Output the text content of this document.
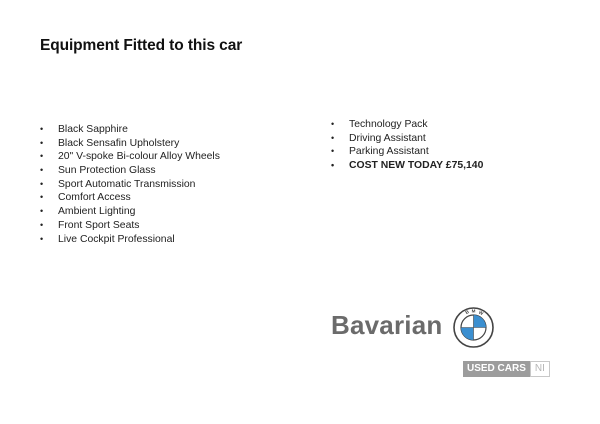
Equipment Fitted to this car
• Black Sapphire
• Black Sensafin Upholstery
• 20" V-spoke Bi-colour Alloy Wheels
• Sun Protection Glass
• Sport Automatic Transmission
• Comfort Access
• Ambient Lighting
• Front Sport Seats
• Live Cockpit Professional
• Technology Pack
• Driving Assistant
• Parking Assistant
• COST NEW TODAY £75,140
Bavarian	B M W
USED CARS NI
